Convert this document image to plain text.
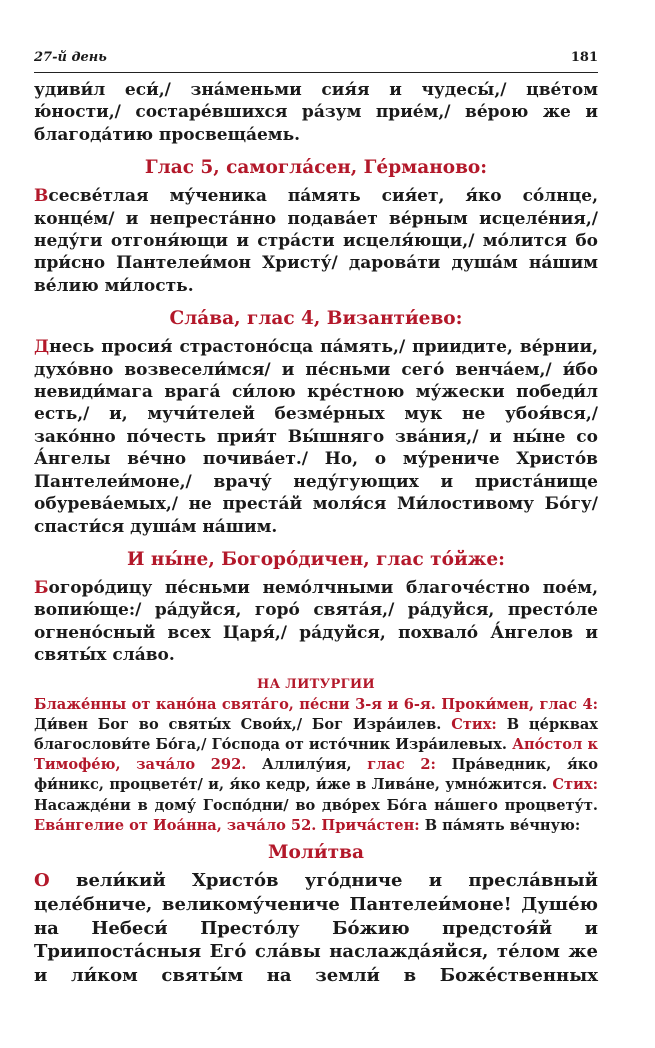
27-й день	181

удиви́л еси́,/ зна́меньми сия́я и чудесы́,/ цве́том ю́ности,/ состаре́вшихся ра́зум прие́м,/ ве́рою же и благода́тию просвеща́емь.

Глас 5, самогла́сен, Ге́рманово:

Всесве́тлая му́ченика па́мять сия́ет, я́ко со́лнце, конце́м/ и непреста́нно подава́ет ве́рным исцеле́ния,/ неду́ги отгоня́ющи и стра́сти исцеля́ющи,/ мо́лится бо при́сно Пантелеи́мон Христу́/ дарова́ти душа́м на́шим ве́лию ми́лость.

Сла́ва, глас 4, Византи́ево:

Днесь просия́ страстоно́сца па́мять,/ приидите, ве́рнии, духо́вно возвесели́мся/ и пе́сньми сего́ венча́ем,/ и́бо невиди́мага врага́ си́лою кре́стною му́жески победи́л есть,/ и, мучи́телей безме́рных мук не убоя́вся,/ зако́нно по́честь прия́т Вы́шняго зва́ния,/ и ны́не со А́нгелы ве́чно почива́ет./ Но, о му́рениче Христо́в Пантелеи́моне,/ врачу́ неду́гующих и приста́нище обурева́емых,/ не преста́й моля́ся Ми́лостивому Бо́гу/ спасти́ся душа́м на́шим.

И ны́не, Богоро́дичен, глас то́йже:

Богоро́дицу пе́сньми немо́лчными благоче́стно пое́м, вопию́ще:/ ра́дуйся, горо́ свята́я,/ ра́дуйся, престо́ле огнено́сный всех Царя́,/ ра́дуйся, похвало́ А́нгелов и святы́х сла́во.

НА ЛИТУРГИИ

Блаже́нны от кано́на свята́го, пе́сни 3-я и 6-я. Проки́мен, глас 4: Ди́вен Бог во святы́х Свои́х,/ Бог Изра́илев. Стих: В це́рквах благослови́те Бо́га,/ Го́спода от исто́чник Изра́илевых. Апо́стол к Тимофе́ю, зача́ло 292. Аллилу́ия, глас 2: Пра́ведник, я́ко фи́никс, процвете́т/ и, я́ко кедр, и́же в Лива́не, умно́жится. Стих: Насажде́ни в дому́ Госпо́дни/ во дво́рех Бо́га на́шего процвету́т. Ева́нгелие от Иоа́нна, зача́ло 52. Прича́стен: В па́мять ве́чную:

Моли́тва

О вели́кий Христо́в уго́дниче и пресла́вный целе́бниче, великому́чениче Пантелеи́моне! Душе́ю на Небеси́ Престо́лу Бо́жию предстоя́й и Триипоста́сныя Его́ сла́вы наслажда́яйся, те́лом же и ли́ком святы́м на земли́ в Боже́ственных
